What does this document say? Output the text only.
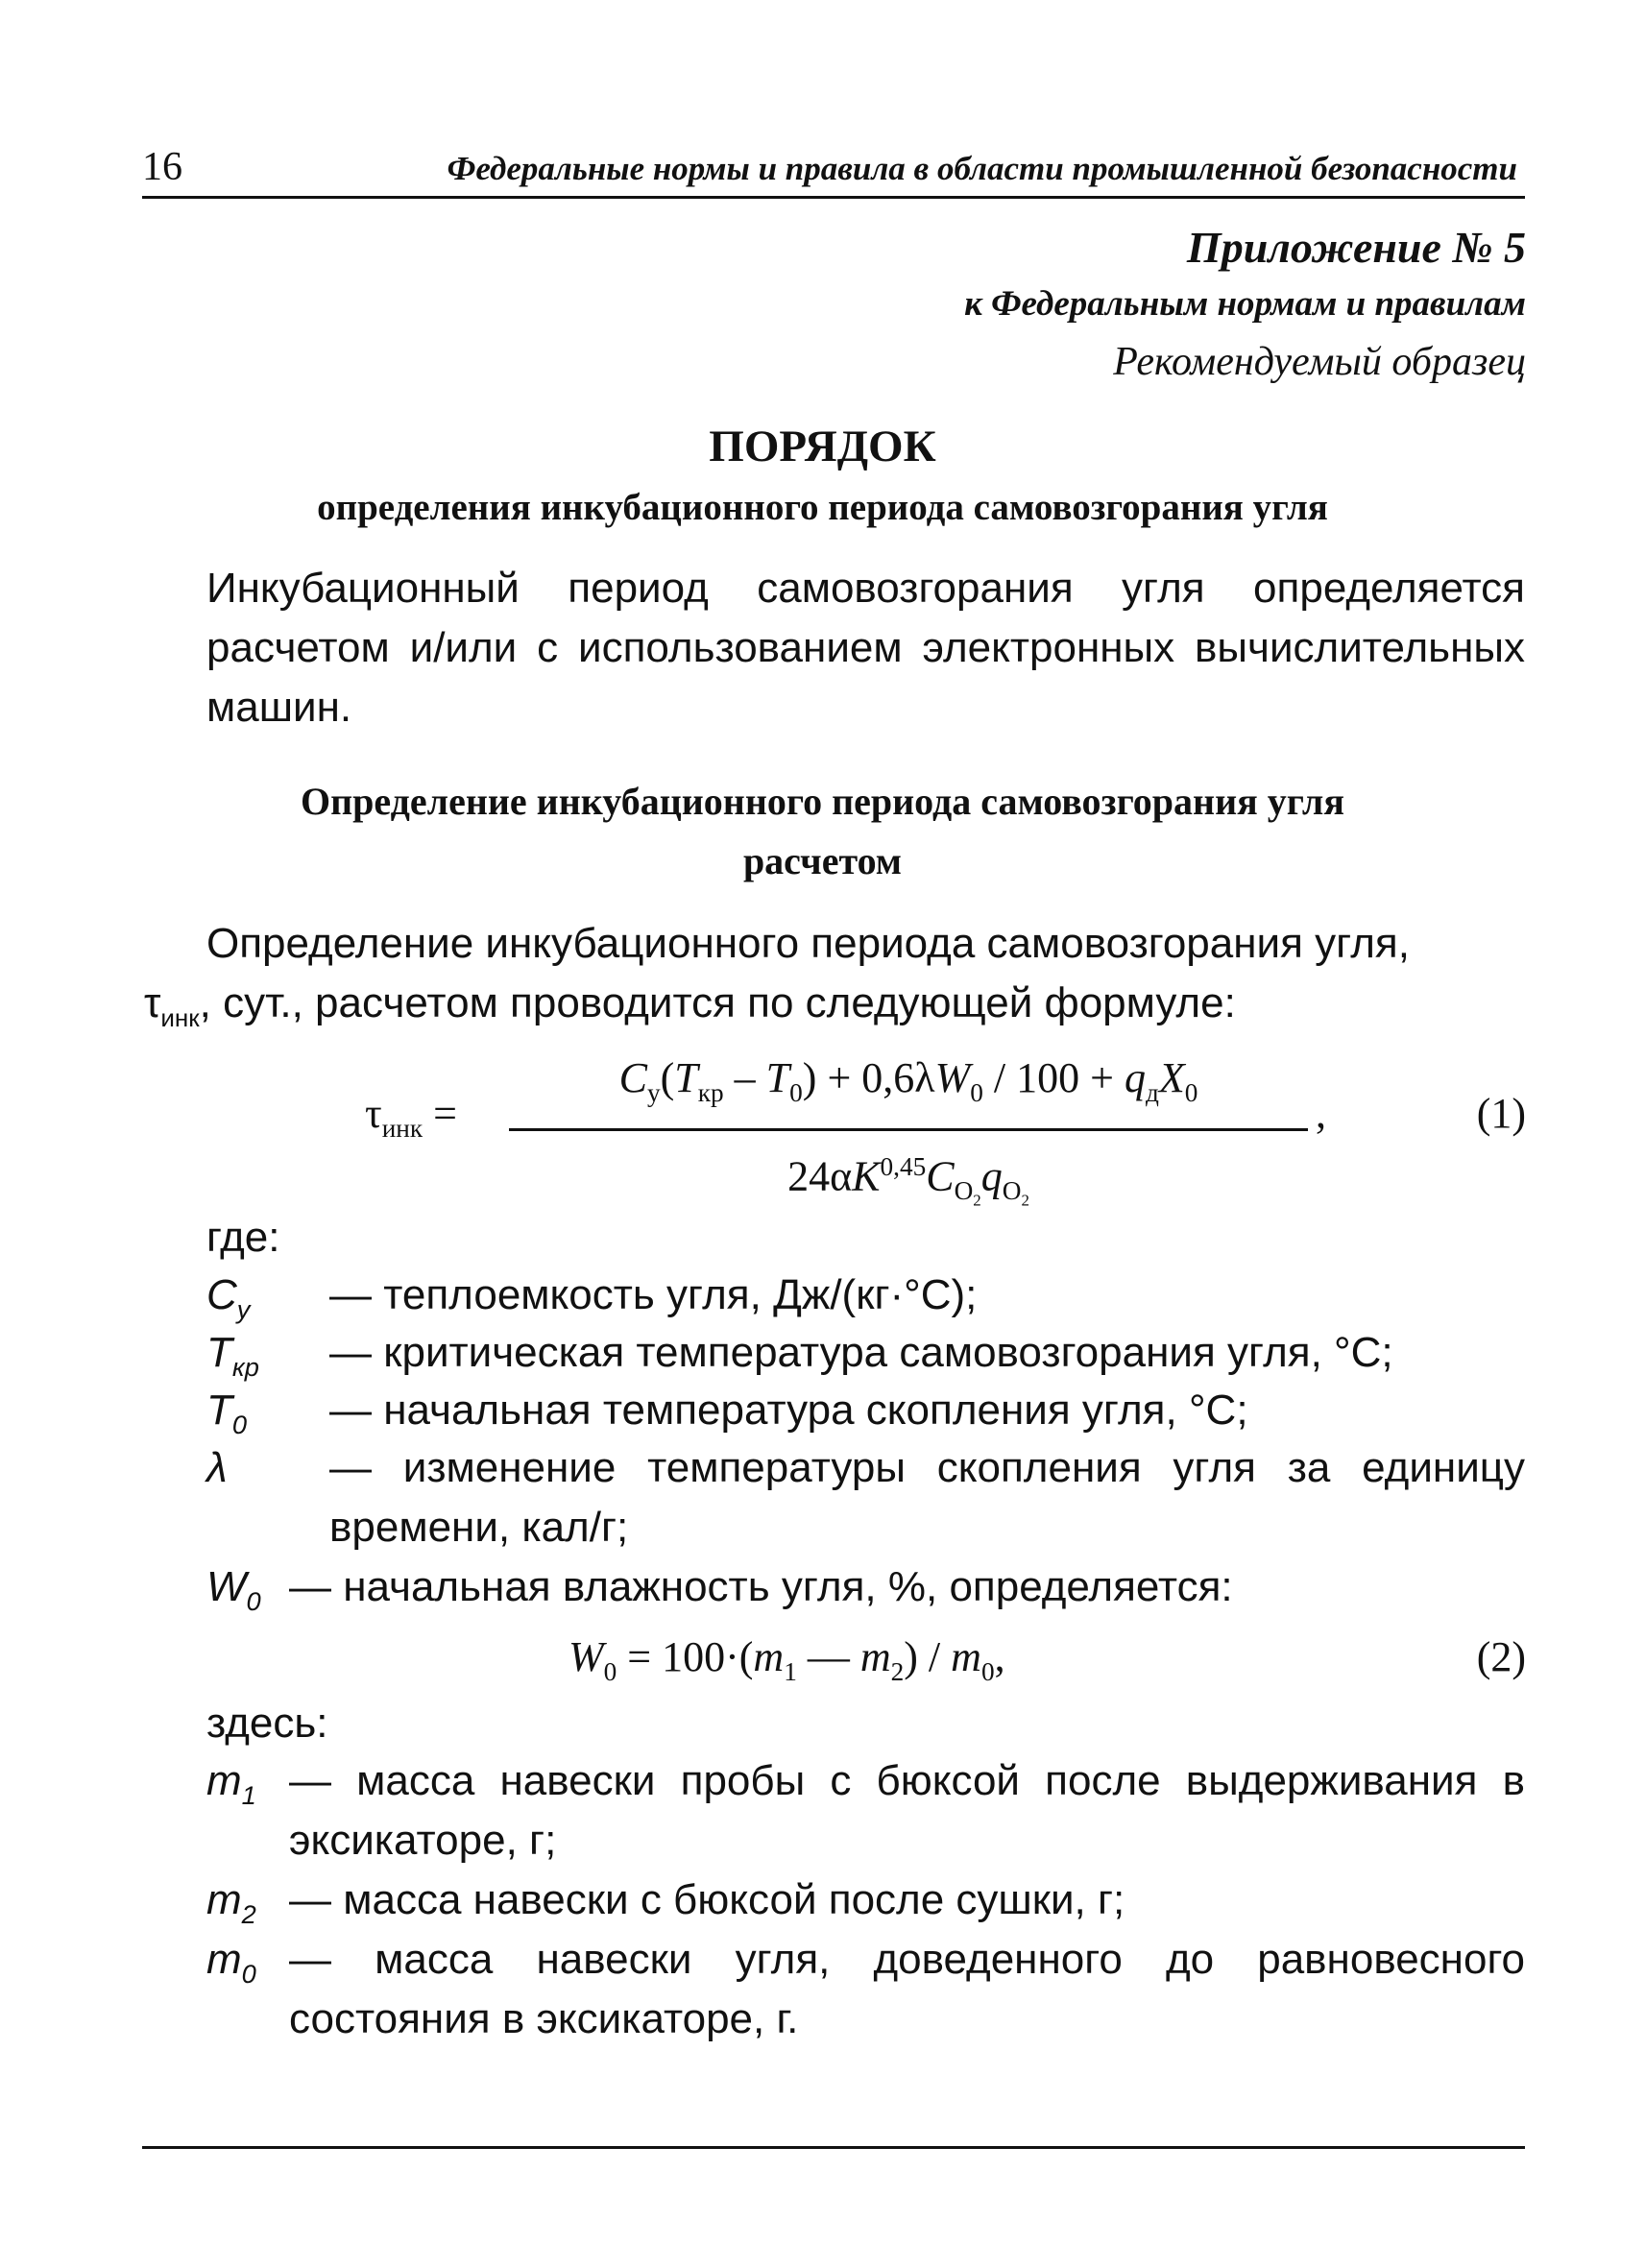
16	Федеральные нормы и правила в области промышленной безопасности
Приложение № 5
к Федеральным нормам и правилам
Рекомендуемый образец
ПОРЯДОК
определения инкубационного периода самовозгорания угля
Инкубационный период самовозгорания угля определяется расчетом и/или с использованием электронных вычислительных машин.
Определение инкубационного периода самовозгорания угля
расчетом
Определение инкубационного периода самовозгорания угля,
$\tau_{инк}$, сут., расчетом проводится по следующей формуле:
$\tau_{инк}$ =
$C_у(T_{кр} - T_0) + 0,6\lambda W_0 / 100 + q_дX_0$
$24\alpha K^{0,45}C_{O_2}q_{O_2}$
,	(1)
где:
$C_у$ — теплоемкость угля, Дж/(кг·°С);
$T_{кр}$ — критическая температура самовозгорания угля, °С;
$T_0$ — начальная температура скопления угля, °С;
λ — изменение температуры скопления угля за единицу времени, кал/г;
$W_0$ — начальная влажность угля, %, определяется:
$W_0 = 100\cdot(m_1$ — $m_2) / m_0$,	(2)
здесь:
$m_1$ — масса навески пробы с бюксой после выдерживания в эксикаторе, г;
$m_2$ — масса навески с бюксой после сушки, г;
$m_0$ — масса навески угля, доведенного до равновесного состояния в эксикаторе, г.
